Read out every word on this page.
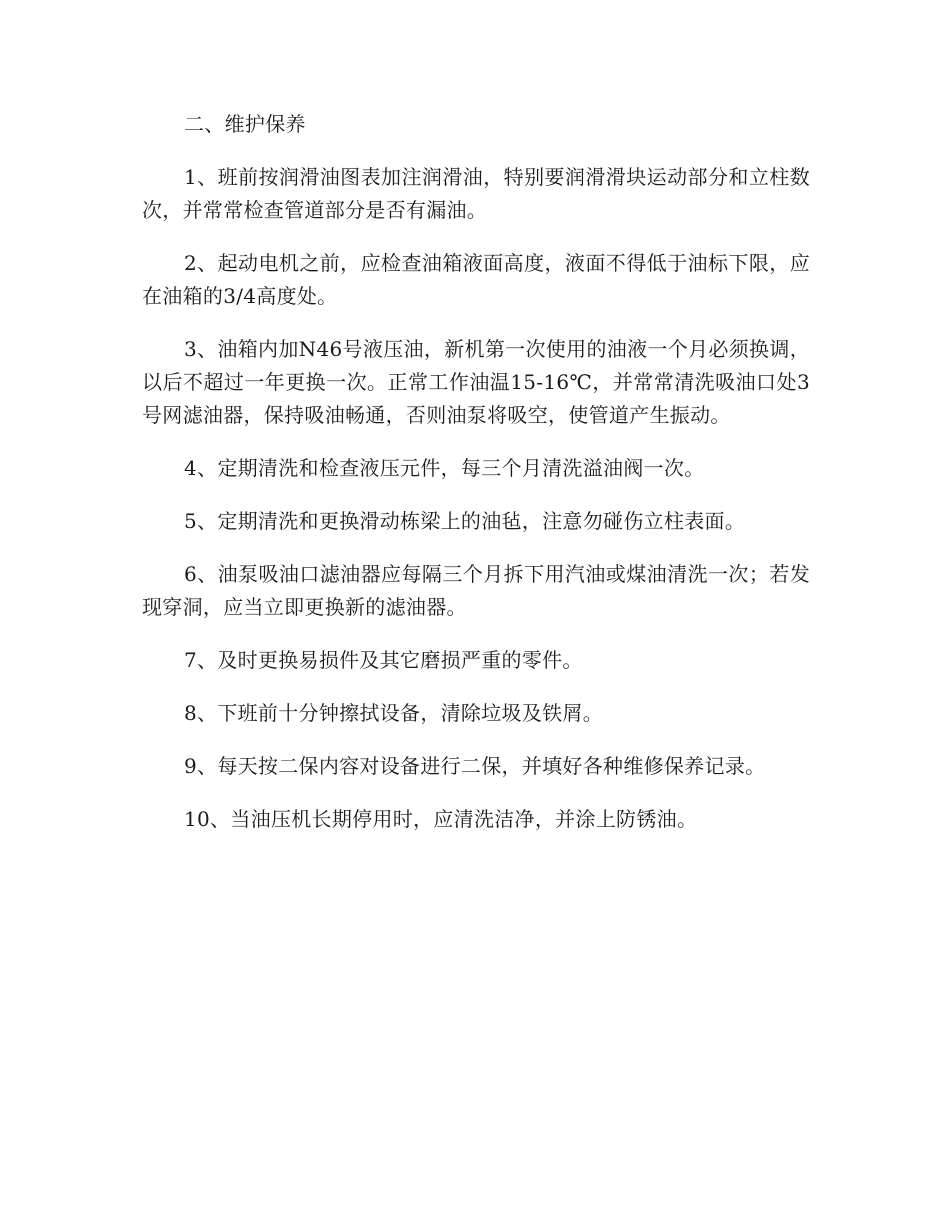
二、维护保养

1、班前按润滑油图表加注润滑油，特别要润滑滑块运动部分和立柱数次，并常常检查管道部分是否有漏油。

2、起动电机之前，应检查油箱液面高度，液面不得低于油标下限，应在油箱的3/4高度处。

3、油箱内加N46号液压油，新机第一次使用的油液一个月必须换调，以后不超过一年更换一次。正常工作油温15-16℃，并常常清洗吸油口处3号网滤油器，保持吸油畅通，否则油泵将吸空，使管道产生振动。

4、定期清洗和检查液压元件，每三个月清洗溢油阀一次。

5、定期清洗和更换滑动栋梁上的油毡，注意勿碰伤立柱表面。

6、油泵吸油口滤油器应每隔三个月拆下用汽油或煤油清洗一次；若发现穿洞，应当立即更换新的滤油器。

7、及时更换易损件及其它磨损严重的零件。

8、下班前十分钟擦拭设备，清除垃圾及铁屑。

9、每天按二保内容对设备进行二保，并填好各种维修保养记录。

10、当油压机长期停用时，应清洗洁净，并涂上防锈油。
